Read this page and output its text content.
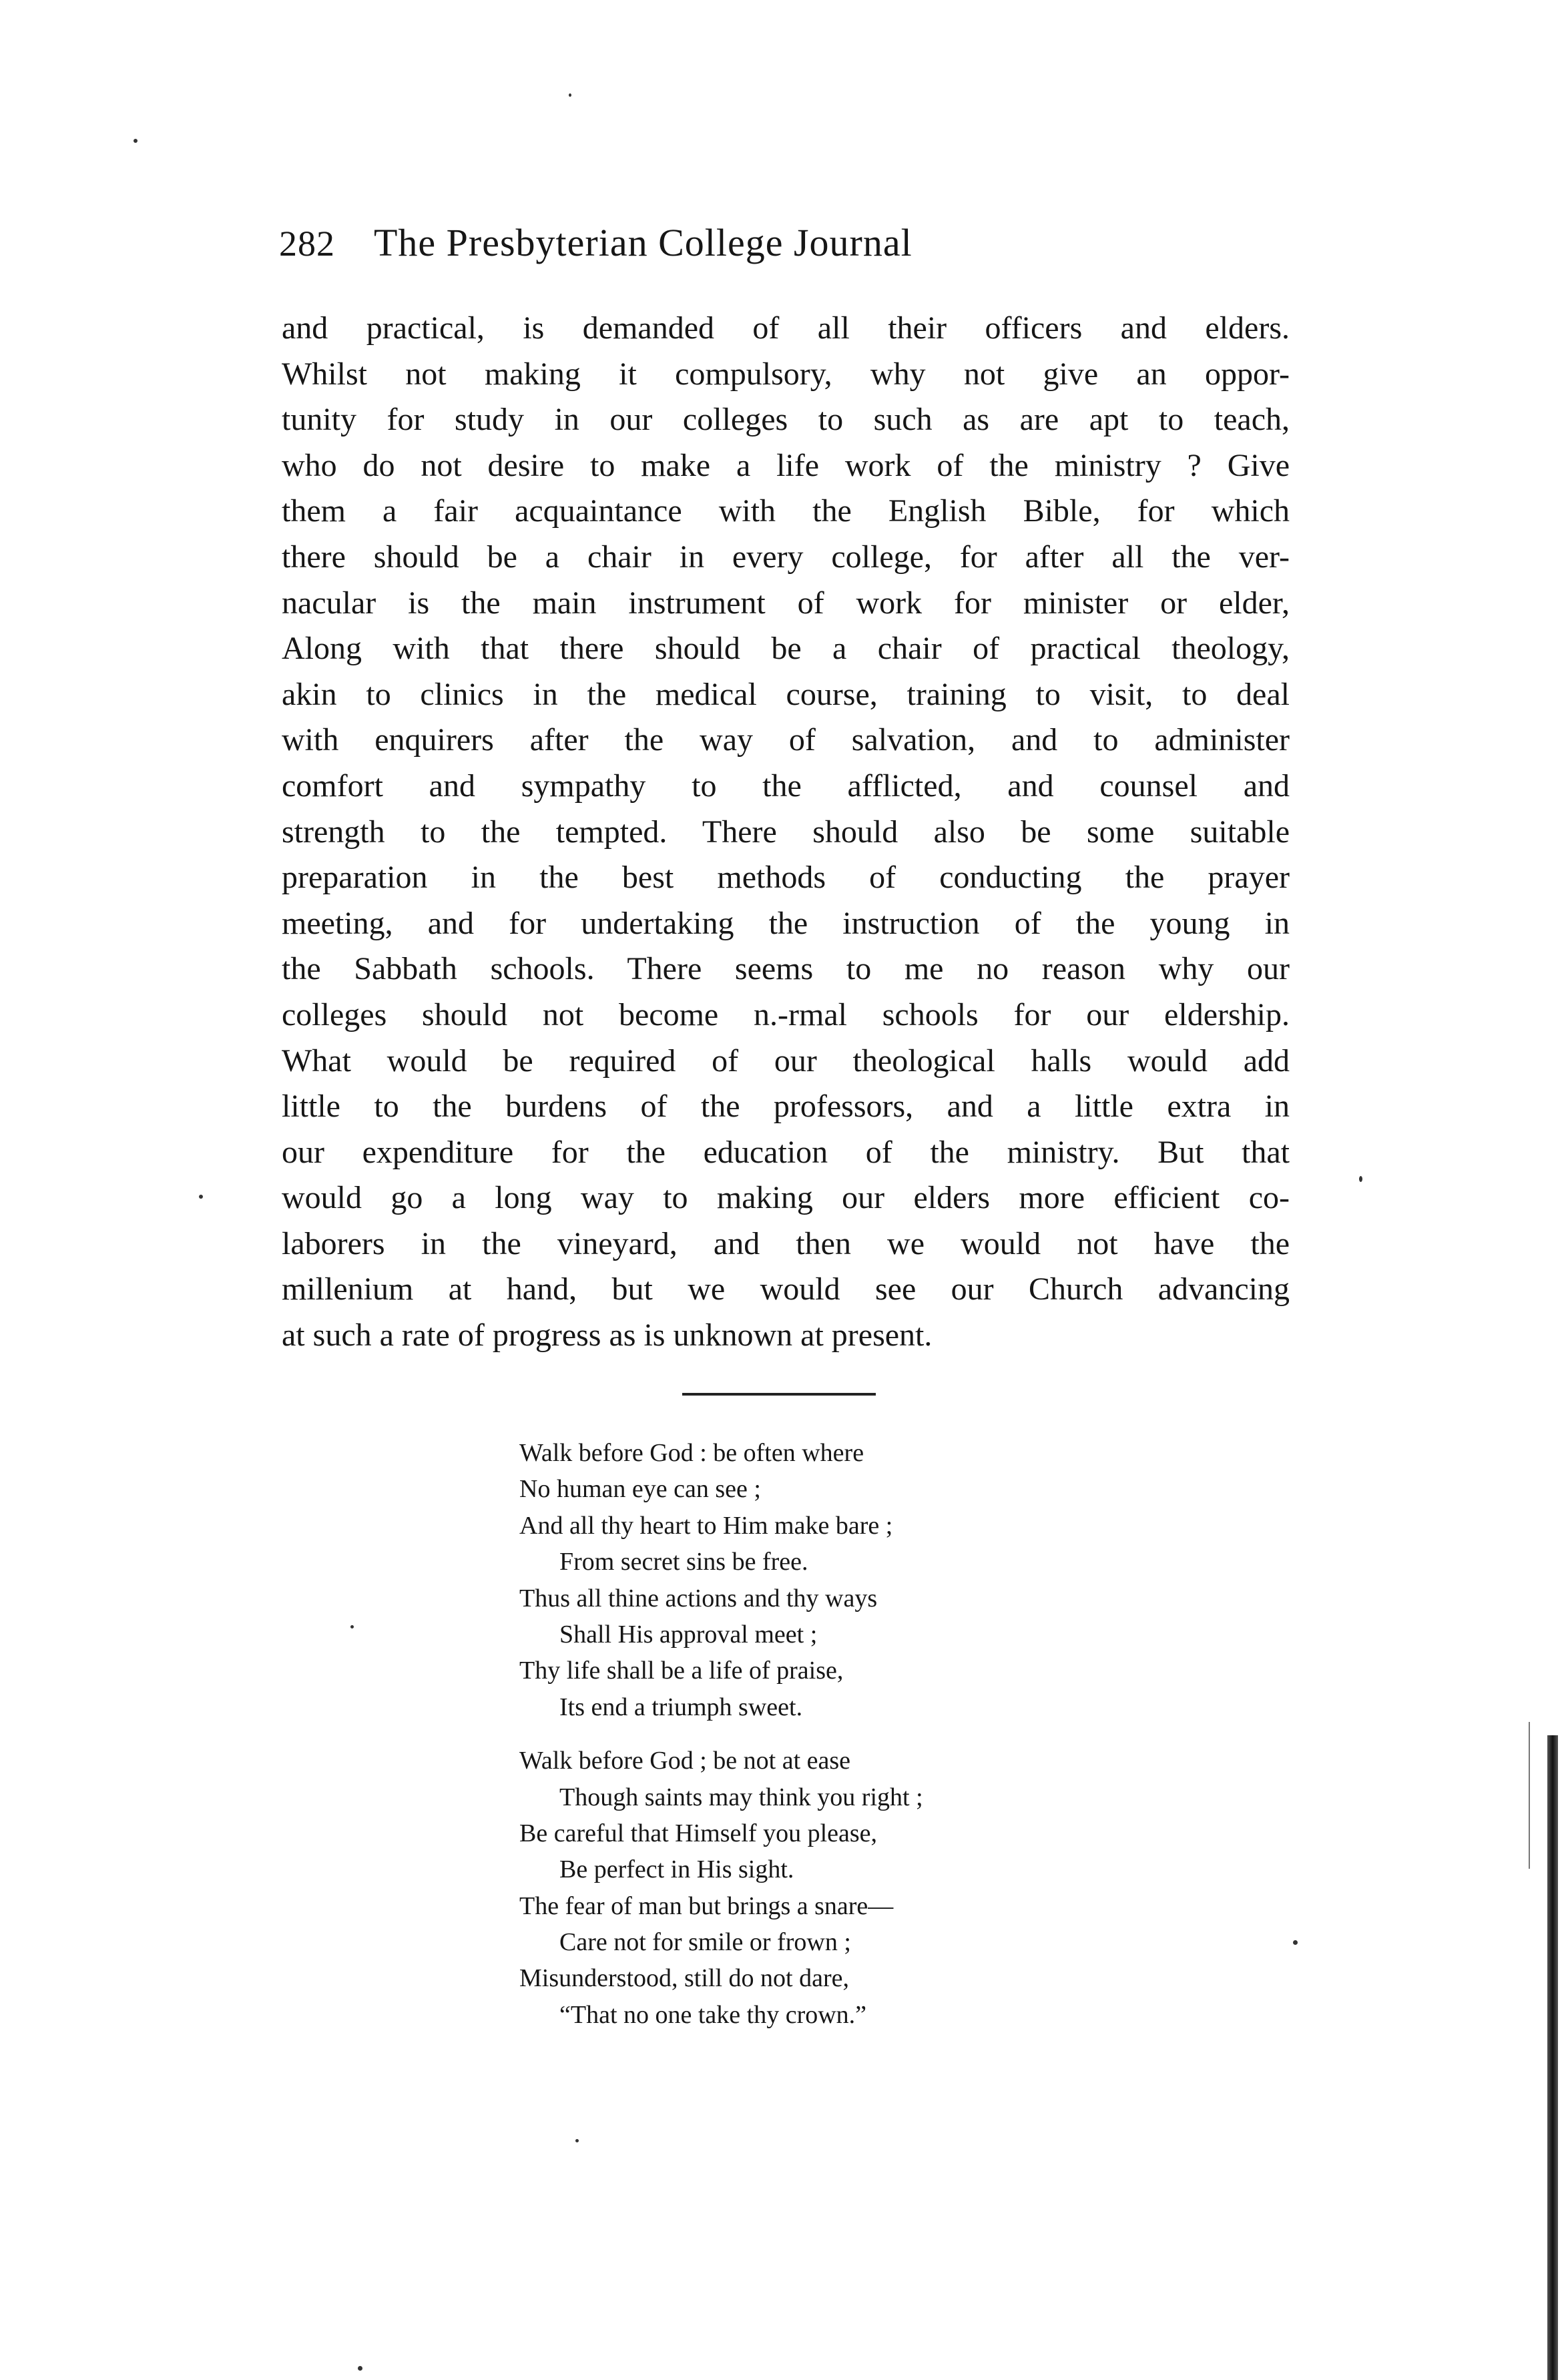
282 The Presbyterian College Journal
and practical, is demanded of all their officers and elders.
Whilst not making it compulsory, why not give an oppor-
tunity for study in our colleges to such as are apt to teach,
who do not desire to make a life work of the ministry ? Give
them a fair acquaintance with the English Bible, for which
there should be a chair in every college, for after all the ver-
nacular is the main instrument of work for minister or elder,
Along with that there should be a chair of practical theology,
akin to clinics in the medical course, training to visit, to deal
with enquirers after the way of salvation, and to administer
comfort and sympathy to the afflicted, and counsel and
strength to the tempted. There should also be some suitable
preparation in the best methods of conducting the prayer
meeting, and for undertaking the instruction of the young in
the Sabbath schools. There seems to me no reason why our
colleges should not become n.-rmal schools for our eldership.
What would be required of our theological halls would add
little to the burdens of the professors, and a little extra in
our expenditure for the education of the ministry. But that
would go a long way to making our elders more efficient co-
laborers in the vineyard, and then we would not have the
millenium at hand, but we would see our Church advancing
at such a rate of progress as is unknown at present.
Walk before God : be often where
No human eye can see ;
And all thy heart to Him make bare ;
From secret sins be free.
Thus all thine actions and thy ways
Shall His approval meet ;
Thy life shall be a life of praise,
Its end a triumph sweet.
Walk before God ; be not at ease
Though saints may think you right ;
Be careful that Himself you please,
Be perfect in His sight.
The fear of man but brings a snare—
Care not for smile or frown ;
Misunderstood, still do not dare,
“That no one take thy crown.”
